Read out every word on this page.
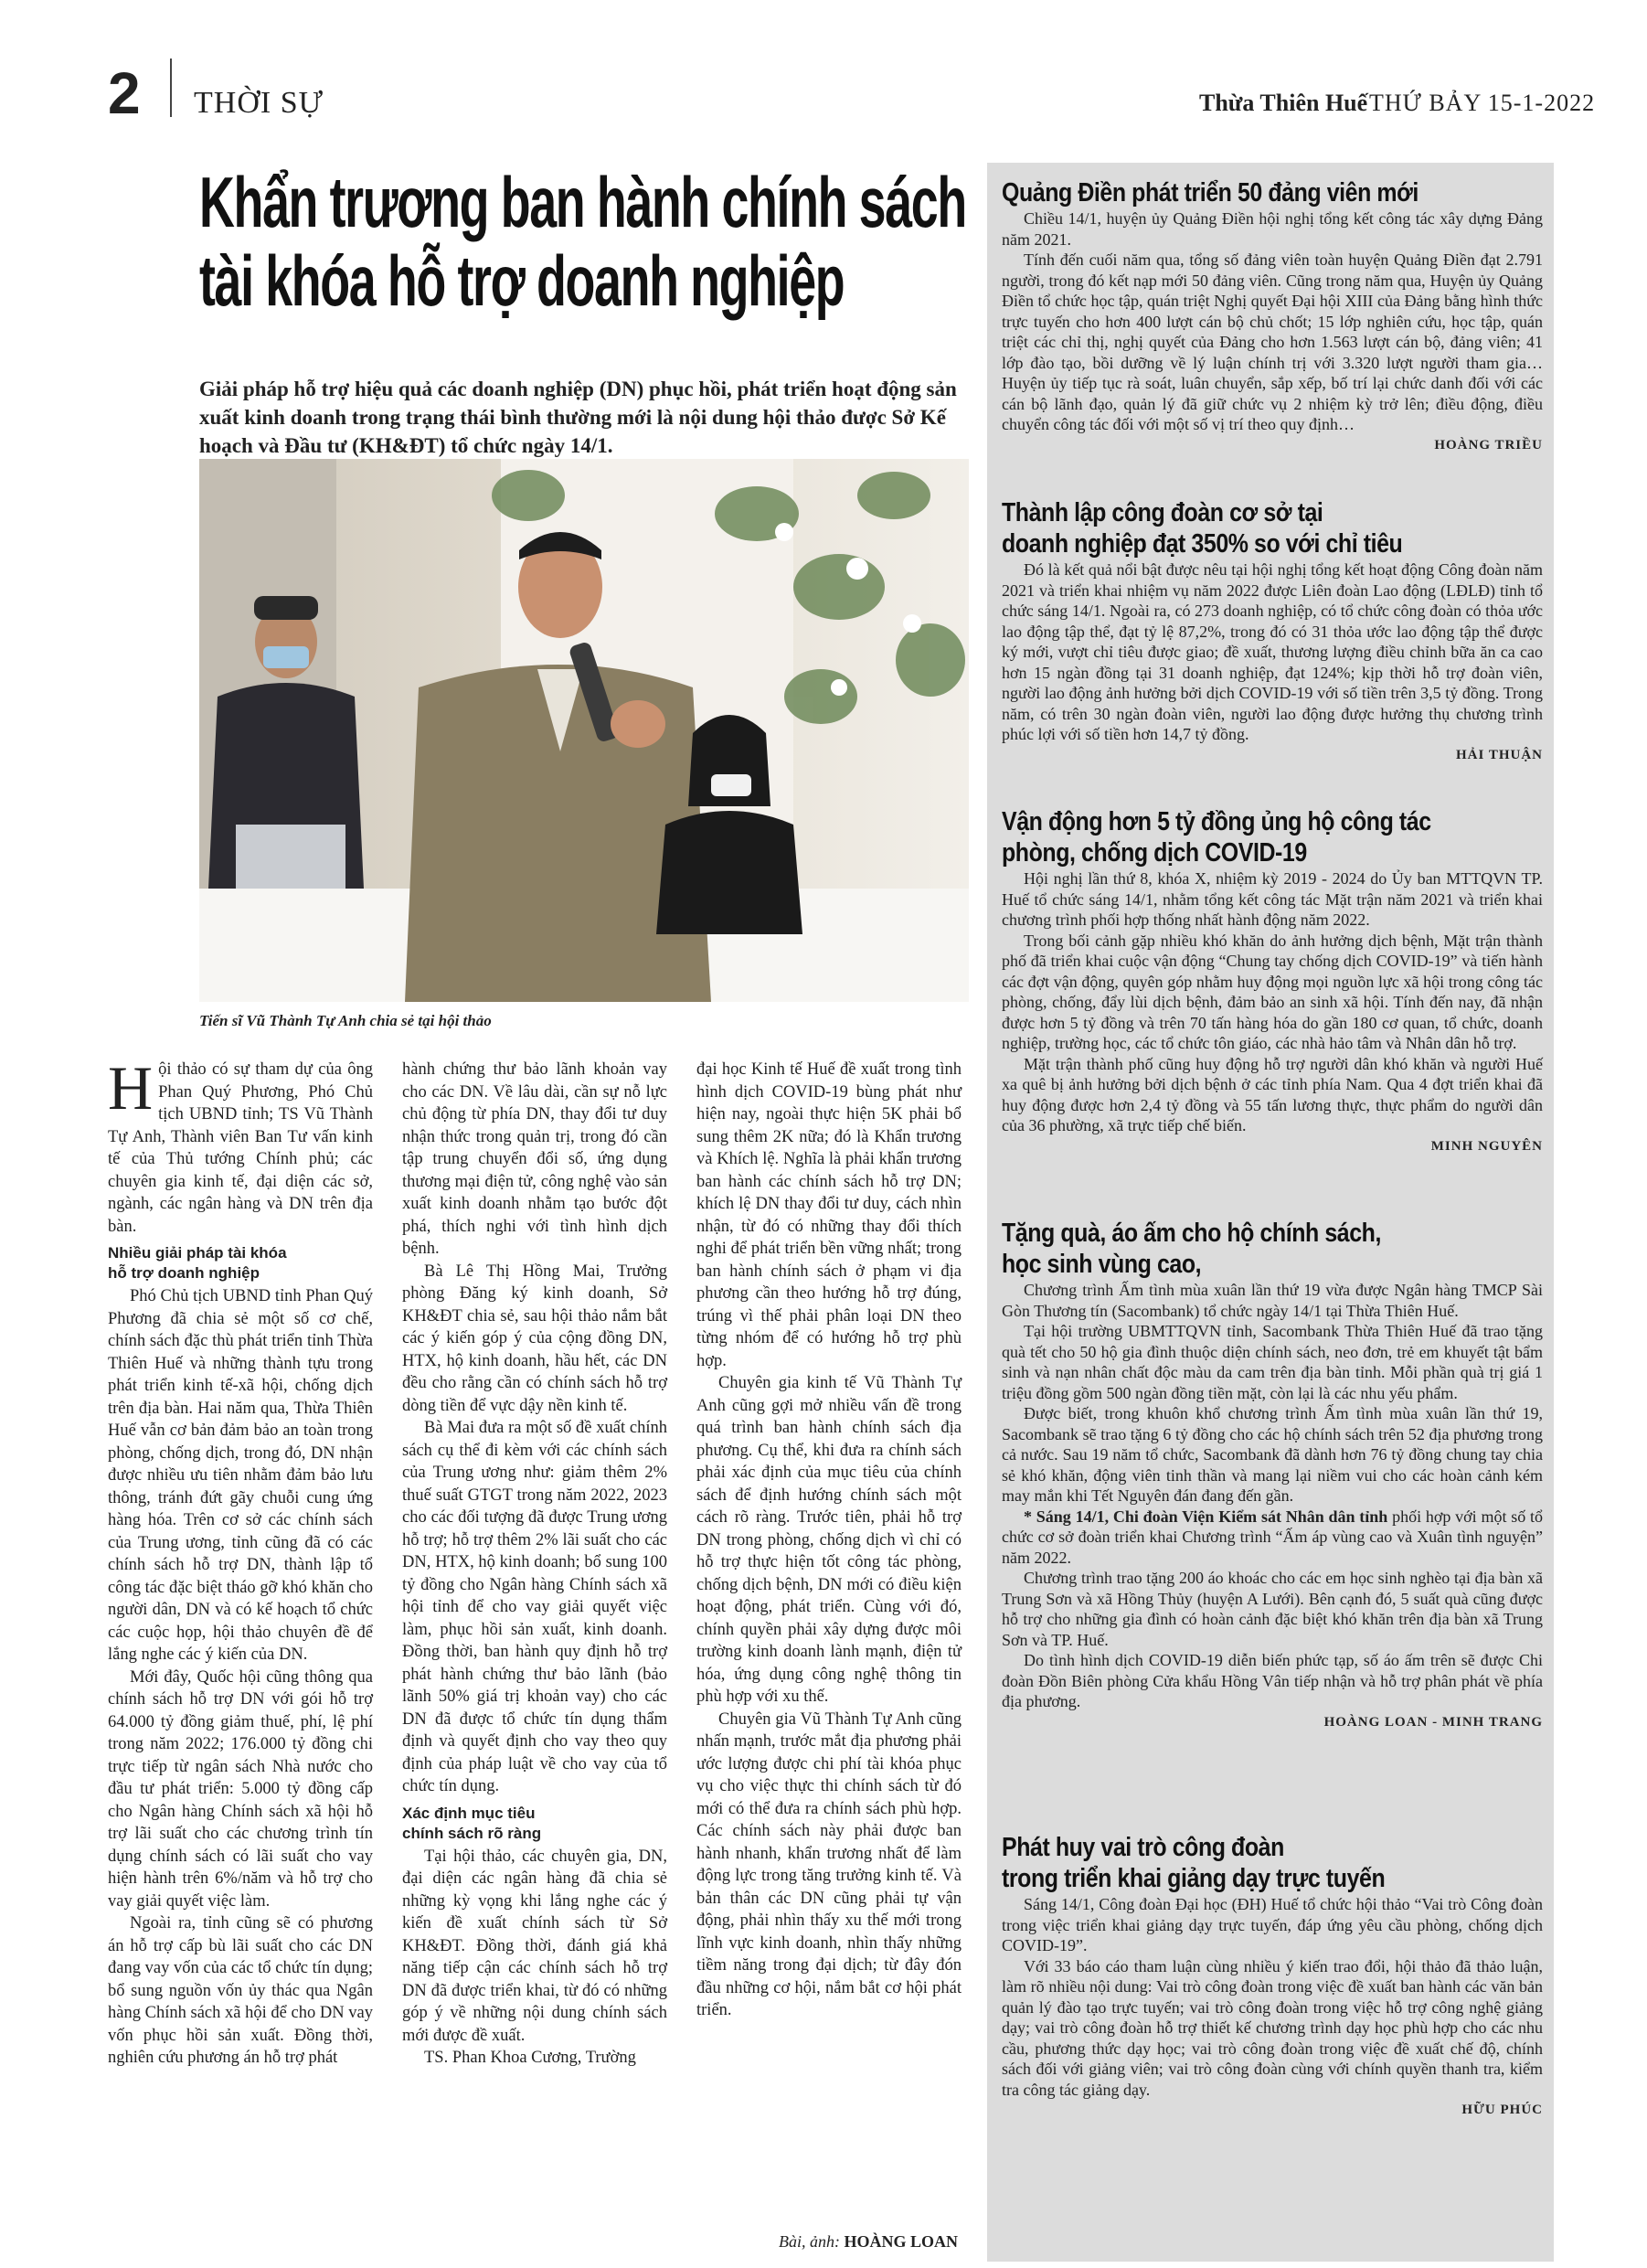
2 THỜI SỰ	Thừa Thiên Huế THỨ BẢY 15-1-2022
Khẩn trương ban hành chính sách
tài khóa hỗ trợ doanh nghiệp
Giải pháp hỗ trợ hiệu quả các doanh nghiệp (DN) phục hồi, phát triển hoạt động sản xuất kinh doanh trong trạng thái bình thường mới là nội dung hội thảo được Sở Kế hoạch và Đầu tư (KH&ĐT) tổ chức ngày 14/1.
Tiến sĩ Vũ Thành Tự Anh chia sẻ tại hội thảo

Hội thảo có sự tham dự của ông Phan Quý Phương, Phó Chủ tịch UBND tỉnh; TS Vũ Thành Tự Anh, Thành viên Ban Tư vấn kinh tế của Thủ tướng Chính phủ; các chuyên gia kinh tế, đại diện các sở, ngành, các ngân hàng và DN trên địa bàn.

Nhiều giải pháp tài khóa
hỗ trợ doanh nghiệp

Phó Chủ tịch UBND tỉnh Phan Quý Phương đã chia sẻ một số cơ chế, chính sách đặc thù phát triển tỉnh Thừa Thiên Huế và những thành tựu trong phát triển kinh tế-xã hội, chống dịch trên địa bàn. Hai năm qua, Thừa Thiên Huế vẫn cơ bản đảm bảo an toàn trong phòng, chống dịch, trong đó, DN nhận được nhiều ưu tiên nhằm đảm bảo lưu thông, tránh đứt gãy chuỗi cung ứng hàng hóa. Trên cơ sở các chính sách của Trung ương, tỉnh cũng đã có các chính sách hỗ trợ DN, thành lập tổ công tác đặc biệt tháo gỡ khó khăn cho người dân, DN và có kế hoạch tổ chức các cuộc họp, hội thảo chuyên đề để lắng nghe các ý kiến của DN.

Mới đây, Quốc hội cũng thông qua chính sách hỗ trợ DN với gói hỗ trợ 64.000 tỷ đồng giảm thuế, phí, lệ phí trong năm 2022; 176.000 tỷ đồng chi trực tiếp từ ngân sách Nhà nước cho đầu tư phát triển: 5.000 tỷ đồng cấp cho Ngân hàng Chính sách xã hội hỗ trợ lãi suất cho các chương trình tín dụng chính sách có lãi suất cho vay hiện hành trên 6%/năm và hỗ trợ cho vay giải quyết việc làm.

Ngoài ra, tỉnh cũng sẽ có phương án hỗ trợ cấp bù lãi suất cho các DN đang vay vốn của các tổ chức tín dụng; bổ sung nguồn vốn ủy thác qua Ngân hàng Chính sách xã hội để cho DN vay vốn phục hồi sản xuất. Đồng thời, nghiên cứu phương án hỗ trợ phát

hành chứng thư bảo lãnh khoản vay cho các DN. Về lâu dài, cần sự nỗ lực chủ động từ phía DN, thay đổi tư duy nhận thức trong quản trị, trong đó cần tập trung chuyển đổi số, ứng dụng thương mại điện tử, công nghệ vào sản xuất kinh doanh nhằm tạo bước đột phá, thích nghi với tình hình dịch bệnh.

Bà Lê Thị Hồng Mai, Trưởng phòng Đăng ký kinh doanh, Sở KH&ĐT chia sẻ, sau hội thảo nắm bắt các ý kiến góp ý của cộng đồng DN, HTX, hộ kinh doanh, hầu hết, các DN đều cho rằng cần có chính sách hỗ trợ dòng tiền để vực dậy nền kinh tế.

Bà Mai đưa ra một số đề xuất chính sách cụ thể đi kèm với các chính sách của Trung ương như: giảm thêm 2% thuế suất GTGT trong năm 2022, 2023 cho các đối tượng đã được Trung ương hỗ trợ; hỗ trợ thêm 2% lãi suất cho các DN, HTX, hộ kinh doanh; bổ sung 100 tỷ đồng cho Ngân hàng Chính sách xã hội tỉnh để cho vay giải quyết việc làm, phục hồi sản xuất, kinh doanh. Đồng thời, ban hành quy định hỗ trợ phát hành chứng thư bảo lãnh (bảo lãnh 50% giá trị khoản vay) cho các DN đã được tổ chức tín dụng thẩm định và quyết định cho vay theo quy định của pháp luật về cho vay của tổ chức tín dụng.

Xác định mục tiêu
chính sách rõ ràng

Tại hội thảo, các chuyên gia, DN, đại diện các ngân hàng đã chia sẻ những kỳ vọng khi lắng nghe các ý kiến đề xuất chính sách từ Sở KH&ĐT. Đồng thời, đánh giá khả năng tiếp cận các chính sách hỗ trợ DN đã được triển khai, từ đó có những góp ý về những nội dung chính sách mới được đề xuất.

TS. Phan Khoa Cương, Trường

đại học Kinh tế Huế đề xuất trong tình hình dịch COVID-19 bùng phát như hiện nay, ngoài thực hiện 5K phải bổ sung thêm 2K nữa; đó là Khẩn trương và Khích lệ. Nghĩa là phải khẩn trương ban hành các chính sách hỗ trợ DN; khích lệ DN thay đổi tư duy, cách nhìn nhận, từ đó có những thay đổi thích nghi để phát triển bền vững nhất; trong ban hành chính sách ở phạm vi địa phương cần theo hướng hỗ trợ đúng, trúng vì thế phải phân loại DN theo từng nhóm để có hướng hỗ trợ phù hợp.

Chuyên gia kinh tế Vũ Thành Tự Anh cũng gợi mở nhiều vấn đề trong quá trình ban hành chính sách địa phương. Cụ thể, khi đưa ra chính sách phải xác định của mục tiêu của chính sách để định hướng chính sách một cách rõ ràng. Trước tiên, phải hỗ trợ DN trong phòng, chống dịch vì chỉ có hỗ trợ thực hiện tốt công tác phòng, chống dịch bệnh, DN mới có điều kiện hoạt động, phát triển. Cùng với đó, chính quyền phải xây dựng được môi trường kinh doanh lành mạnh, điện tử hóa, ứng dụng công nghệ thông tin phù hợp với xu thế.

Chuyên gia Vũ Thành Tự Anh cũng nhấn mạnh, trước mắt địa phương phải ước lượng được chi phí tài khóa phục vụ cho việc thực thi chính sách từ đó mới có thể đưa ra chính sách phù hợp. Các chính sách này phải được ban hành nhanh, khẩn trương nhất để làm động lực trong tăng trưởng kinh tế. Và bản thân các DN cũng phải tự vận động, phải nhìn thấy xu thế mới trong lĩnh vực kinh doanh, nhìn thấy những tiềm năng trong đại dịch; từ đây đón đầu những cơ hội, nắm bắt cơ hội phát triển.

Bài, ảnh: HOÀNG LOAN
Quảng Điền phát triển 50 đảng viên mới

Chiều 14/1, huyện ủy Quảng Điền hội nghị tổng kết công tác xây dựng Đảng năm 2021.

Tính đến cuối năm qua, tổng số đảng viên toàn huyện Quảng Điền đạt 2.791 người, trong đó kết nạp mới 50 đảng viên. Cũng trong năm qua, Huyện ủy Quảng Điền tổ chức học tập, quán triệt Nghị quyết Đại hội XIII của Đảng bằng hình thức trực tuyến cho hơn 400 lượt cán bộ chủ chốt; 15 lớp nghiên cứu, học tập, quán triệt các chỉ thị, nghị quyết của Đảng cho hơn 1.563 lượt cán bộ, đảng viên; 41 lớp đào tạo, bồi dưỡng về lý luận chính trị với 3.320 lượt người tham gia… Huyện ủy tiếp tục rà soát, luân chuyển, sắp xếp, bố trí lại chức danh đối với các cán bộ lãnh đạo, quản lý đã giữ chức vụ 2 nhiệm kỳ trở lên; điều động, điều chuyển công tác đối với một số vị trí theo quy định…

HOÀNG TRIỀU

Thành lập công đoàn cơ sở tại
doanh nghiệp đạt 350% so với chỉ tiêu

Đó là kết quả nổi bật được nêu tại hội nghị tổng kết hoạt động Công đoàn năm 2021 và triển khai nhiệm vụ năm 2022 được Liên đoàn Lao động (LĐLĐ) tỉnh tổ chức sáng 14/1. Ngoài ra, có 273 doanh nghiệp, có tổ chức công đoàn có thỏa ước lao động tập thể, đạt tỷ lệ 87,2%, trong đó có 31 thỏa ước lao động tập thể được ký mới, vượt chỉ tiêu được giao; đề xuất, thương lượng điều chỉnh bữa ăn ca cao hơn 15 ngàn đồng tại 31 doanh nghiệp, đạt 124%; kịp thời hỗ trợ đoàn viên, người lao động ảnh hưởng bởi dịch COVID-19 với số tiền trên 3,5 tỷ đồng. Trong năm, có trên 30 ngàn đoàn viên, người lao động được hưởng thụ chương trình phúc lợi với số tiền hơn 14,7 tỷ đồng.

HẢI THUẬN

Vận động hơn 5 tỷ đồng ủng hộ công tác
phòng, chống dịch COVID-19

Hội nghị lần thứ 8, khóa X, nhiệm kỳ 2019 - 2024 do Ủy ban MTTQVN TP. Huế tổ chức sáng 14/1, nhằm tổng kết công tác Mặt trận năm 2021 và triển khai chương trình phối hợp thống nhất hành động năm 2022.

Trong bối cảnh gặp nhiều khó khăn do ảnh hưởng dịch bệnh, Mặt trận thành phố đã triển khai cuộc vận động “Chung tay chống dịch COVID-19” và tiến hành các đợt vận động, quyên góp nhằm huy động mọi nguồn lực xã hội trong công tác phòng, chống, đẩy lùi dịch bệnh, đảm bảo an sinh xã hội. Tính đến nay, đã nhận được hơn 5 tỷ đồng và trên 70 tấn hàng hóa do gần 180 cơ quan, tổ chức, doanh nghiệp, trường học, các tổ chức tôn giáo, các nhà hảo tâm và Nhân dân hỗ trợ.

Mặt trận thành phố cũng huy động hỗ trợ người dân khó khăn và người Huế xa quê bị ảnh hưởng bởi dịch bệnh ở các tỉnh phía Nam. Qua 4 đợt triển khai đã huy động được hơn 2,4 tỷ đồng và 55 tấn lương thực, thực phẩm do người dân của 36 phường, xã trực tiếp chế biến.

MINH NGUYÊN

Tặng quà, áo ấm cho hộ chính sách,
học sinh vùng cao,

Chương trình Ấm tình mùa xuân lần thứ 19 vừa được Ngân hàng TMCP Sài Gòn Thương tín (Sacombank) tổ chức ngày 14/1 tại Thừa Thiên Huế.

Tại hội trường UBMTTQVN tỉnh, Sacombank Thừa Thiên Huế đã trao tặng quà tết cho 50 hộ gia đình thuộc diện chính sách, neo đơn, trẻ em khuyết tật bẩm sinh và nạn nhân chất độc màu da cam trên địa bàn tỉnh. Mỗi phần quà trị giá 1 triệu đồng gồm 500 ngàn đồng tiền mặt, còn lại là các nhu yếu phẩm.

Được biết, trong khuôn khổ chương trình Ấm tình mùa xuân lần thứ 19, Sacombank sẽ trao tặng 6 tỷ đồng cho các hộ chính sách trên 52 địa phương trong cả nước. Sau 19 năm tổ chức, Sacombank đã dành hơn 76 tỷ đồng chung tay chia sẻ khó khăn, động viên tinh thần và mang lại niềm vui cho các hoàn cảnh kém may mắn khi Tết Nguyên đán đang đến gần.

* Sáng 14/1, Chi đoàn Viện Kiểm sát Nhân dân tỉnh phối hợp với một số tổ chức cơ sở đoàn triển khai Chương trình “Ấm áp vùng cao và Xuân tình nguyện” năm 2022.

Chương trình trao tặng 200 áo khoác cho các em học sinh nghèo tại địa bàn xã Trung Sơn và xã Hồng Thủy (huyện A Lưới). Bên cạnh đó, 5 suất quà cũng được hỗ trợ cho những gia đình có hoàn cảnh đặc biệt khó khăn trên địa bàn xã Trung Sơn và TP. Huế.

Do tình hình dịch COVID-19 diễn biến phức tạp, số áo ấm trên sẽ được Chi đoàn Đồn Biên phòng Cửa khẩu Hồng Vân tiếp nhận và hỗ trợ phân phát về phía địa phương.

HOÀNG LOAN - MINH TRANG

Phát huy vai trò công đoàn
trong triển khai giảng dạy trực tuyến

Sáng 14/1, Công đoàn Đại học (ĐH) Huế tổ chức hội thảo “Vai trò Công đoàn trong việc triển khai giảng dạy trực tuyến, đáp ứng yêu cầu phòng, chống dịch COVID-19”.

Với 33 báo cáo tham luận cùng nhiều ý kiến trao đổi, hội thảo đã thảo luận, làm rõ nhiều nội dung: Vai trò công đoàn trong việc đề xuất ban hành các văn bản quản lý đào tạo trực tuyến; vai trò công đoàn trong việc hỗ trợ công nghệ giảng dạy; vai trò công đoàn hỗ trợ thiết kế chương trình dạy học phù hợp cho các nhu cầu, phương thức dạy học; vai trò công đoàn trong việc đề xuất chế độ, chính sách đối với giảng viên; vai trò công đoàn cùng với chính quyền thanh tra, kiểm tra công tác giảng dạy.

HỮU PHÚC
